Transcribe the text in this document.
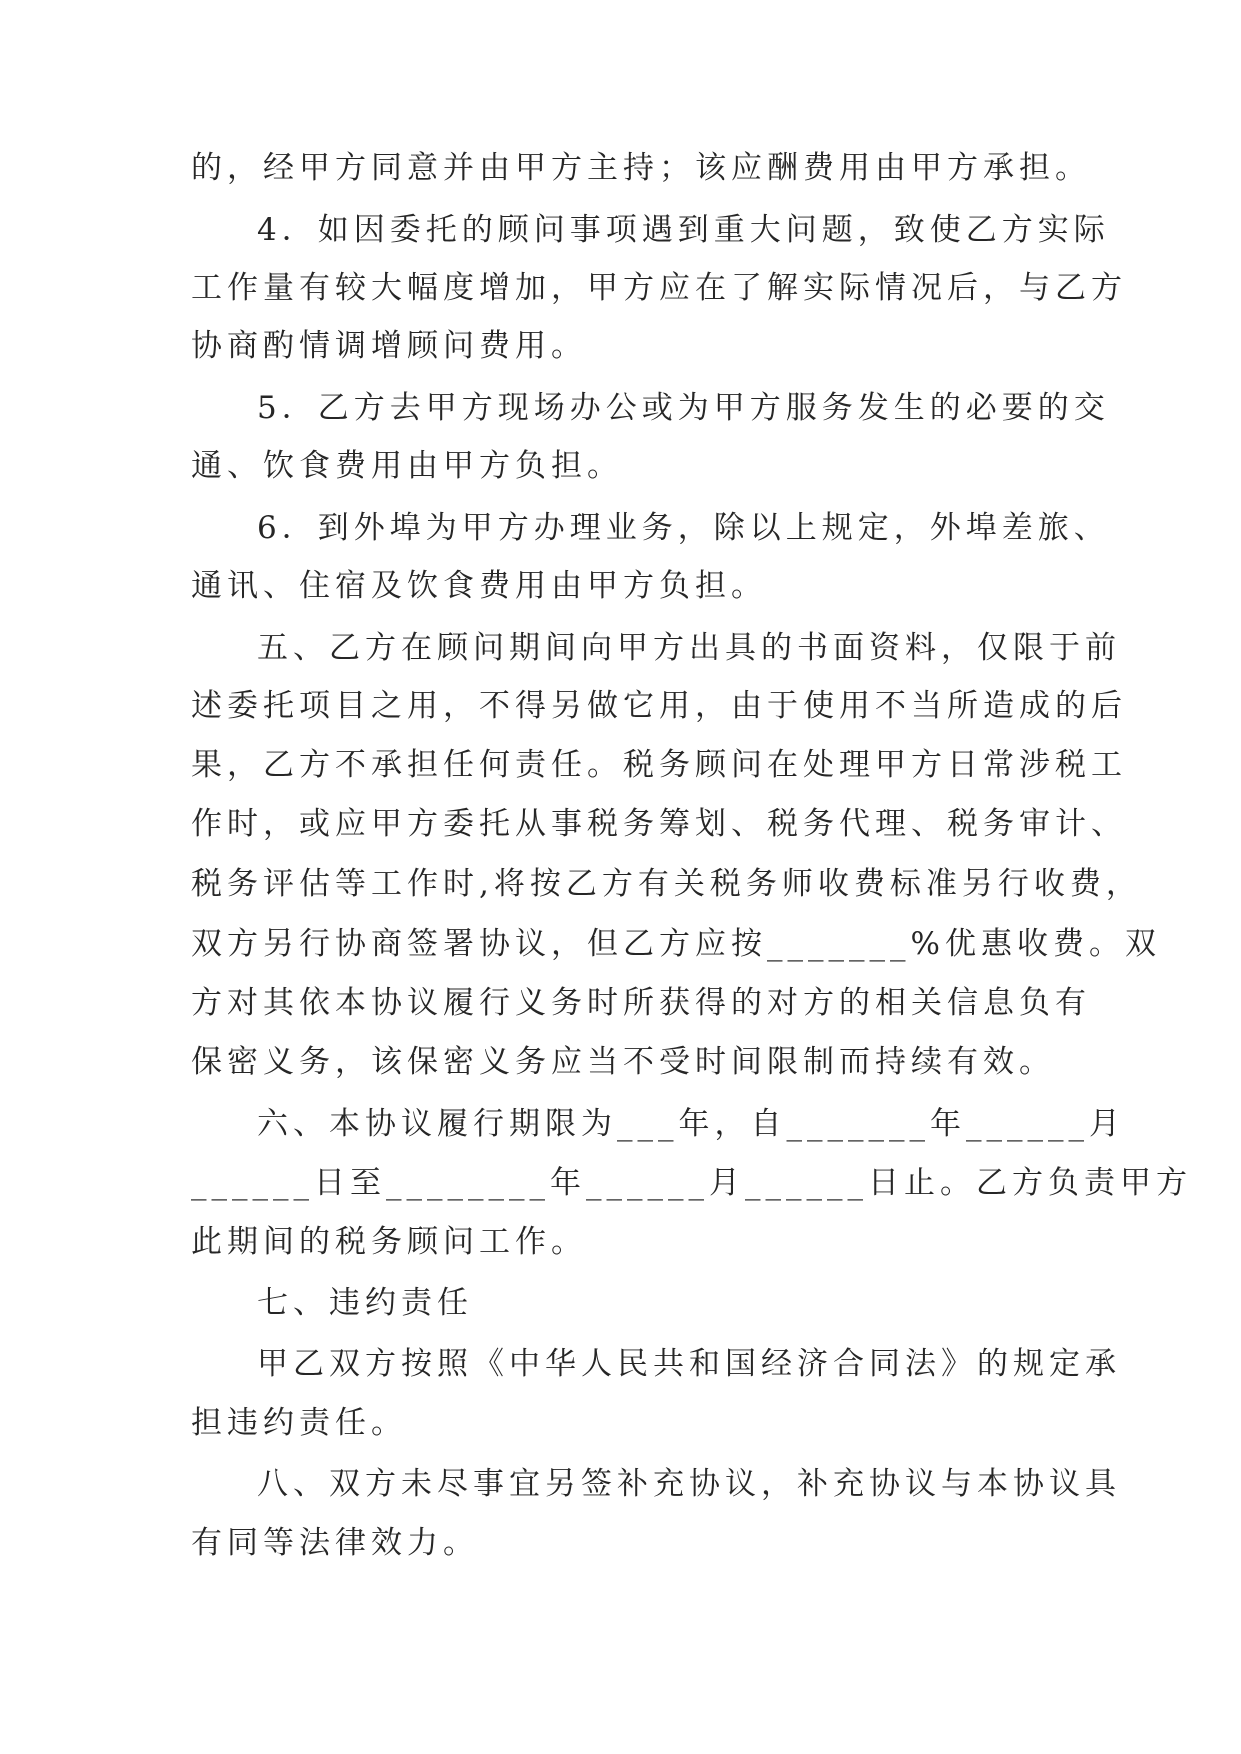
的，经甲方同意并由甲方主持；该应酬费用由甲方承担。
4．如因委托的顾问事项遇到重大问题，致使乙方实际
工作量有较大幅度增加，甲方应在了解实际情况后，与乙方
协商酌情调增顾问费用。
5．乙方去甲方现场办公或为甲方服务发生的必要的交
通、饮食费用由甲方负担。
6．到外埠为甲方办理业务，除以上规定，外埠差旅、
通讯、住宿及饮食费用由甲方负担。
五、乙方在顾问期间向甲方出具的书面资料，仅限于前
述委托项目之用，不得另做它用，由于使用不当所造成的后
果，乙方不承担任何责任。税务顾问在处理甲方日常涉税工
作时，或应甲方委托从事税务筹划、税务代理、税务审计、
税务评估等工作时,将按乙方有关税务师收费标准另行收费，
双方另行协商签署协议，但乙方应按_______%优惠收费。双
方对其依本协议履行义务时所获得的对方的相关信息负有
保密义务，该保密义务应当不受时间限制而持续有效。
六、本协议履行期限为___年，自_______年______月
______日至________年______月______日止。乙方负责甲方
此期间的税务顾问工作。
七、违约责任
甲乙双方按照《中华人民共和国经济合同法》的规定承
担违约责任。
八、双方未尽事宜另签补充协议，补充协议与本协议具
有同等法律效力。
